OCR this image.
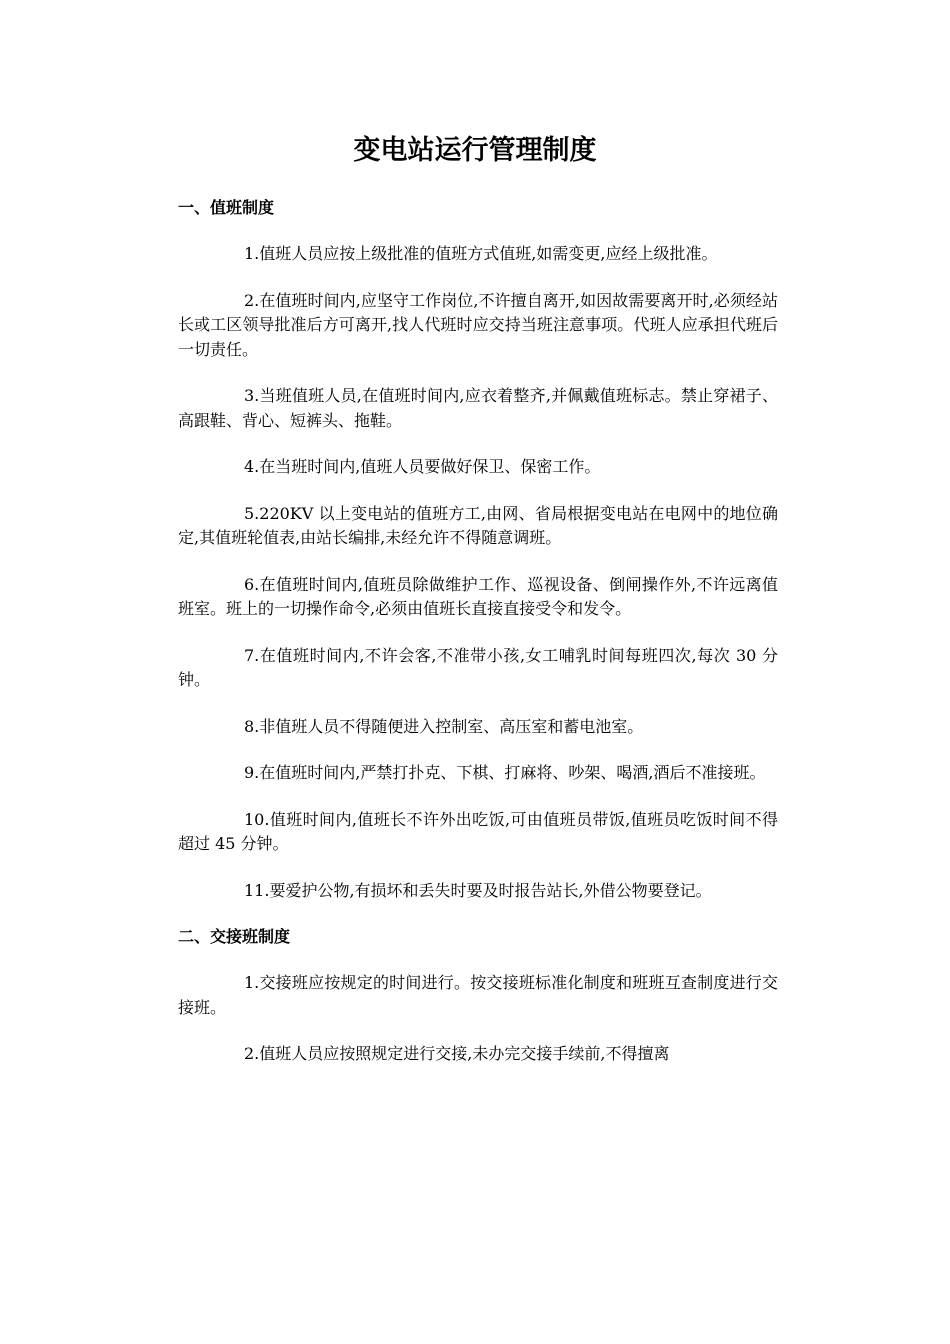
变电站运行管理制度
一、值班制度

1.值班人员应按上级批准的值班方式值班,如需变更,应经上级批准。

2.在值班时间内,应坚守工作岗位,不许擅自离开,如因故需要离开时,必须经站长或工区领导批准后方可离开,找人代班时应交持当班注意事项。代班人应承担代班后一切责任。

3.当班值班人员,在值班时间内,应衣着整齐,并佩戴值班标志。禁止穿裙子、高跟鞋、背心、短裤头、拖鞋。

4.在当班时间内,值班人员要做好保卫、保密工作。

5.220KV 以上变电站的值班方工,由网、省局根据变电站在电网中的地位确定,其值班轮值表,由站长编排,未经允许不得随意调班。

6.在值班时间内,值班员除做维护工作、巡视设备、倒闸操作外,不许远离值班室。班上的一切操作命令,必须由值班长直接直接受令和发令。

7.在值班时间内,不许会客,不准带小孩,女工哺乳时间每班四次,每次 30 分钟。

8.非值班人员不得随便进入控制室、高压室和蓄电池室。

9.在值班时间内,严禁打扑克、下棋、打麻将、吵架、喝酒,酒后不准接班。

10.值班时间内,值班长不许外出吃饭,可由值班员带饭,值班员吃饭时间不得超过 45 分钟。

11.要爱护公物,有损坏和丢失时要及时报告站长,外借公物要登记。

二、交接班制度

1.交接班应按规定的时间进行。按交接班标准化制度和班班互查制度进行交接班。

2.值班人员应按照规定进行交接,未办完交接手续前,不得擅离
